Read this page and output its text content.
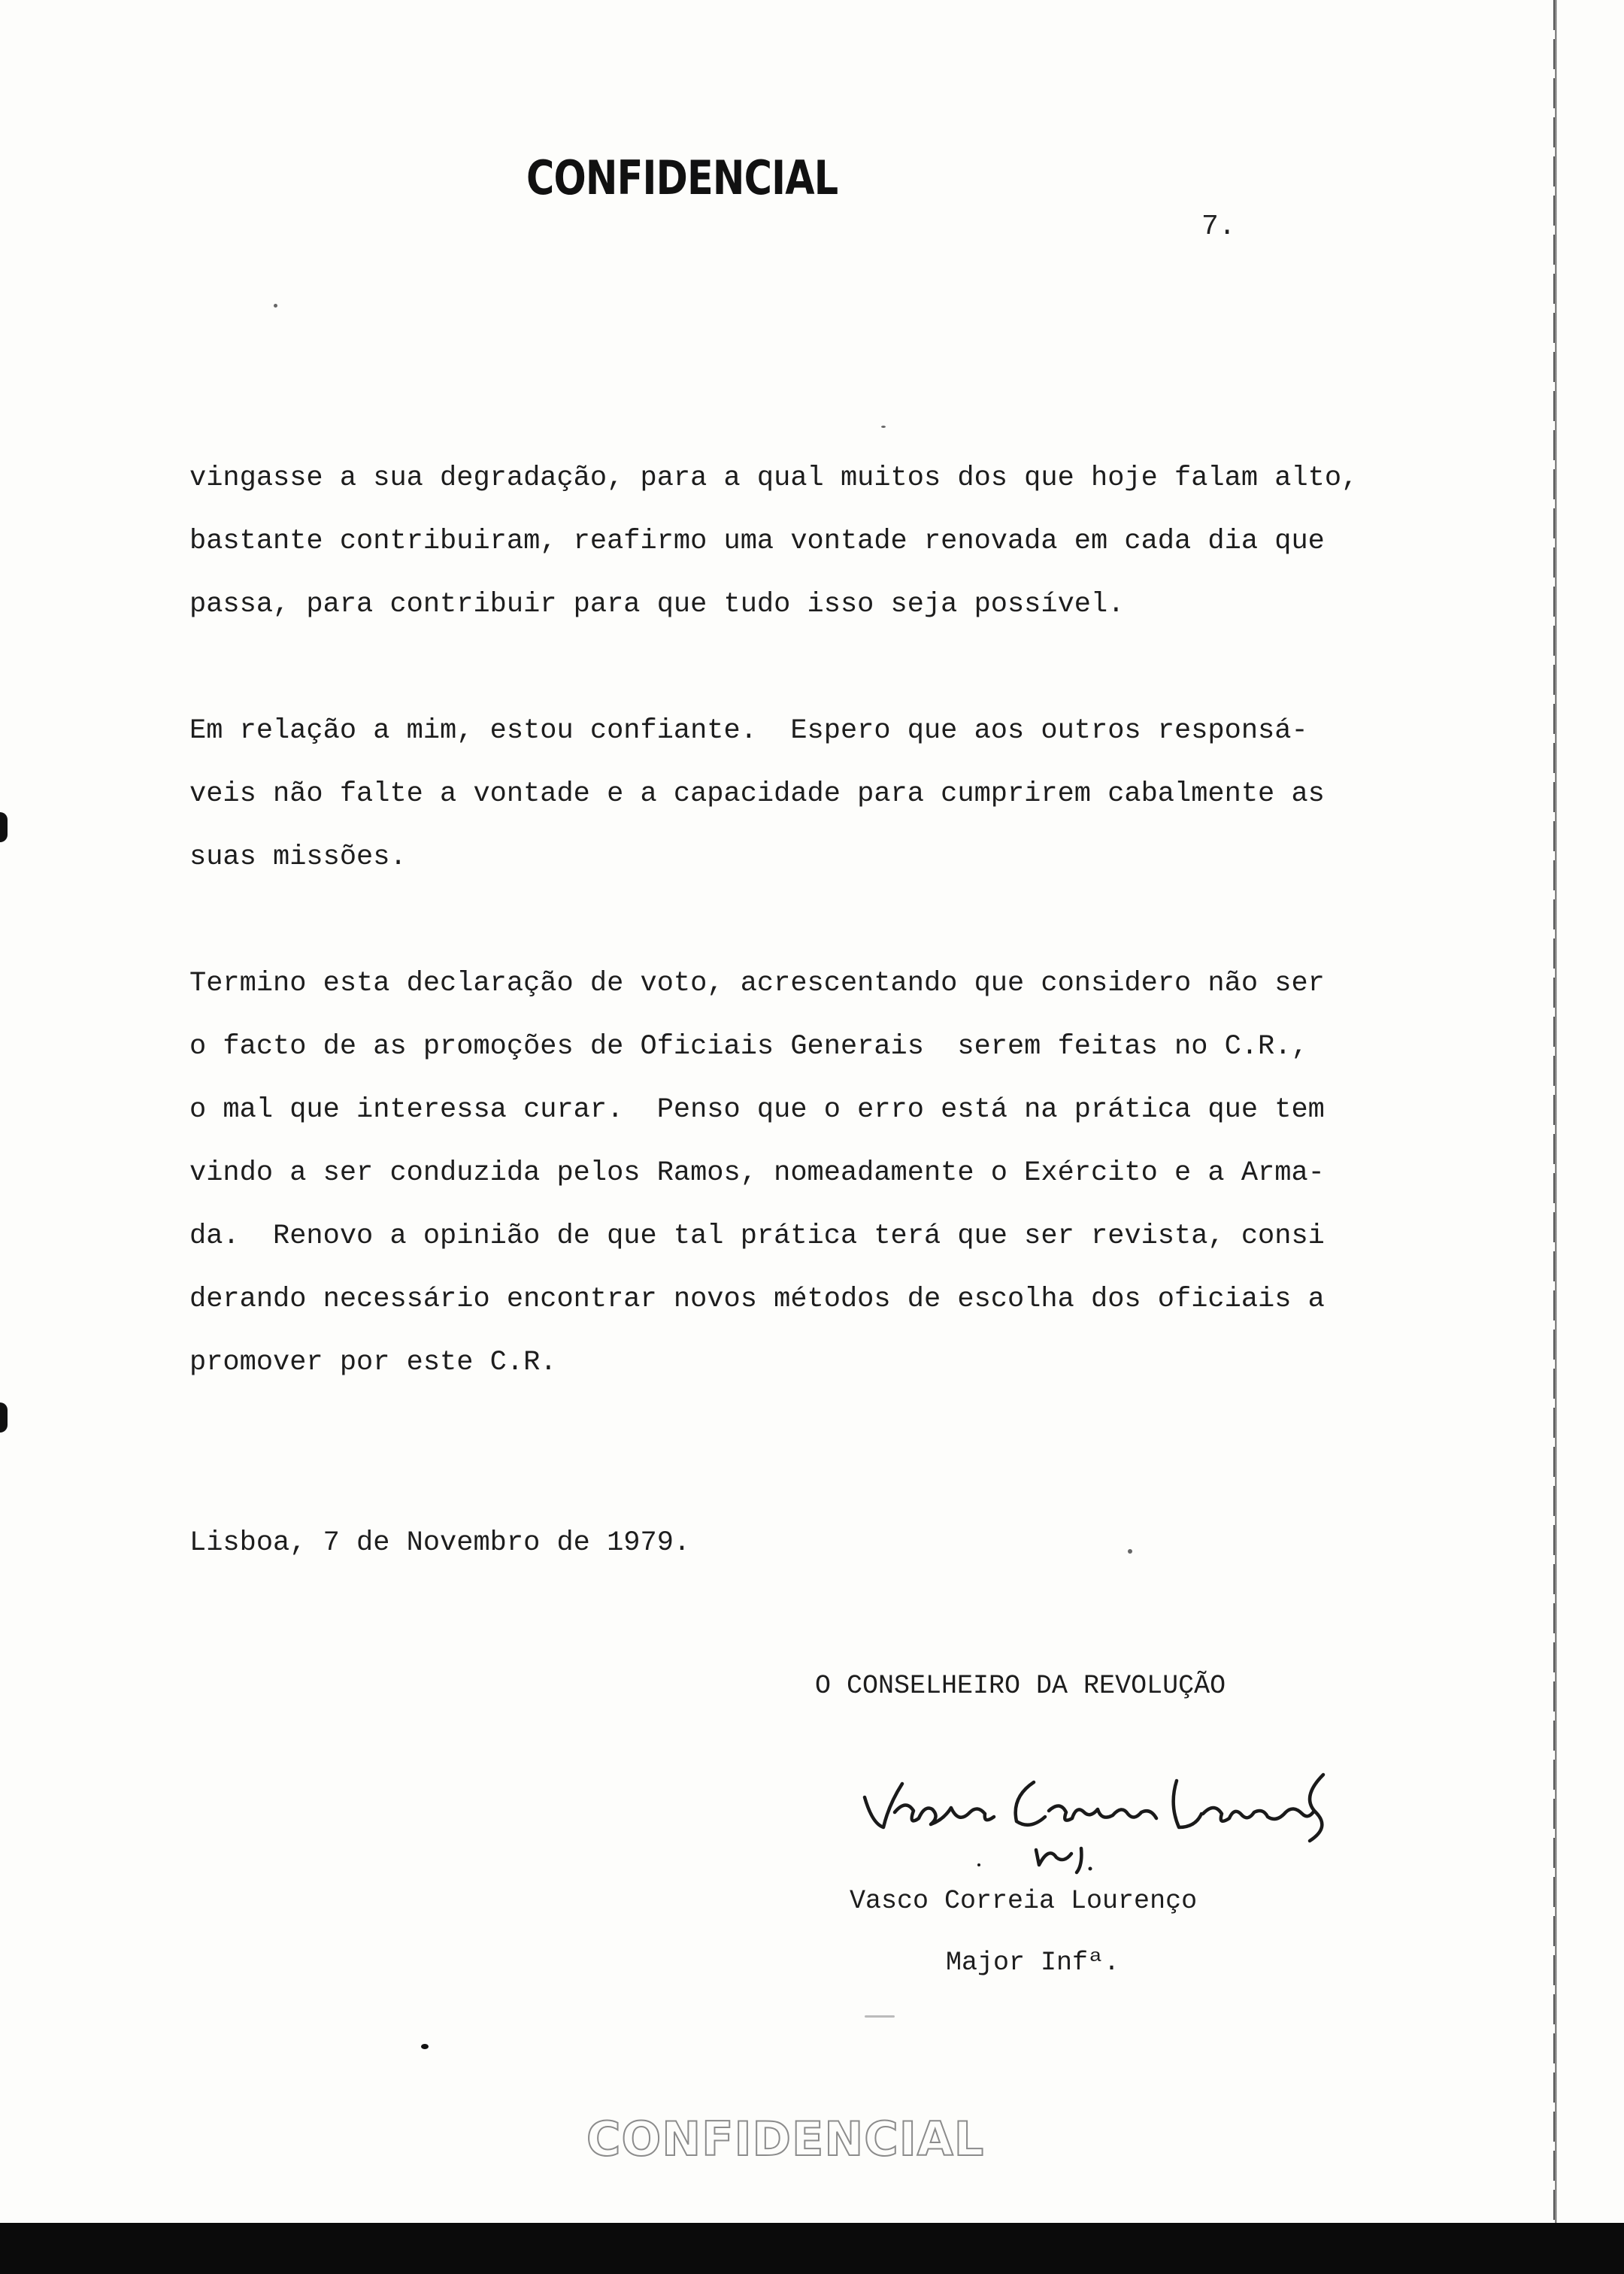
CONFIDENCIAL
7.

vingasse a sua degradação, para a qual muitos dos que hoje falam alto,
bastante contribuiram, reafirmo uma vontade renovada em cada dia que
passa, para contribuir para que tudo isso seja possível.

Em relação a mim, estou confiante.  Espero que aos outros responsá-
veis não falte a vontade e a capacidade para cumprirem cabalmente as
suas missões.

Termino esta declaração de voto, acrescentando que considero não ser
o facto de as promoções de Oficiais Generais  serem feitas no C.R.,
o mal que interessa curar.  Penso que o erro está na prática que tem
vindo a ser conduzida pelos Ramos, nomeadamente o Exército e a Arma-
da.  Renovo a opinião de que tal prática terá que ser revista, consi
derando necessário encontrar novos métodos de escolha dos oficiais a
promover por este C.R.

Lisboa, 7 de Novembro de 1979.
O CONSELHEIRO DA REVOLUÇÃO
Vasco Correia Lourenço
Major Infª.
CONFIDENCIAL
